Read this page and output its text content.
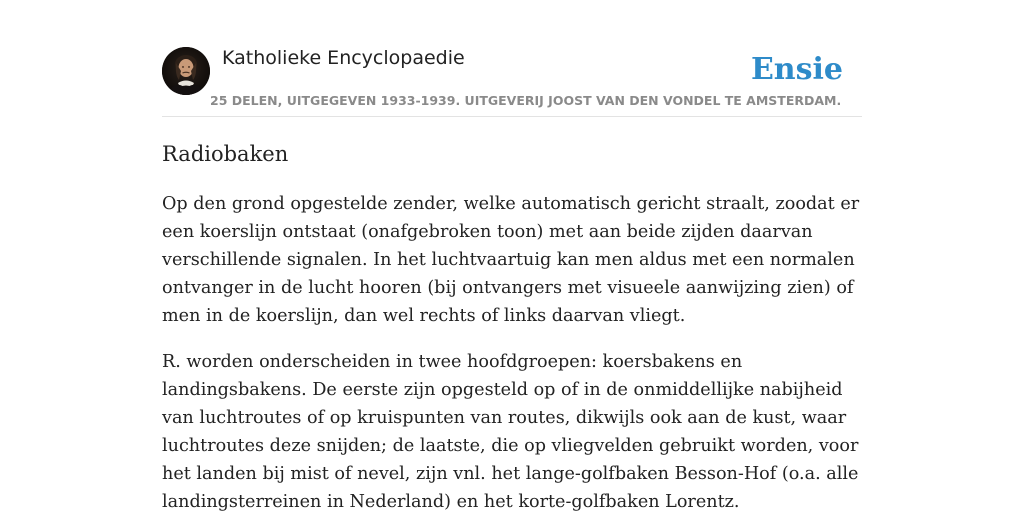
Katholieke Encyclopaedie
25 DELEN, UITGEGEVEN 1933-1939. UITGEVERIJ JOOST VAN DEN VONDEL TE AMSTERDAM.
Ensie
Radiobaken

Op den grond opgestelde zender, welke automatisch gericht straalt, zoodat er een koerslijn ontstaat (onafgebroken toon) met aan beide zijden daarvan verschillende signalen. In het luchtvaartuig kan men aldus met een normalen ontvanger in de lucht hooren (bij ontvangers met visueele aanwijzing zien) of men in de koerslijn, dan wel rechts of links daarvan vliegt.

R. worden onderscheiden in twee hoofdgroepen: koersbakens en landingsbakens. De eerste zijn opgesteld op of in de onmiddellijke nabijheid van luchtroutes of op kruispunten van routes, dikwijls ook aan de kust, waar luchtroutes deze snijden; de laatste, die op vliegvelden gebruikt worden, voor het landen bij mist of nevel, zijn vnl. het lange-golfbaken Besson-Hof (o.a. alle landingsterreinen in Nederland) en het korte-golfbaken Lorentz.
